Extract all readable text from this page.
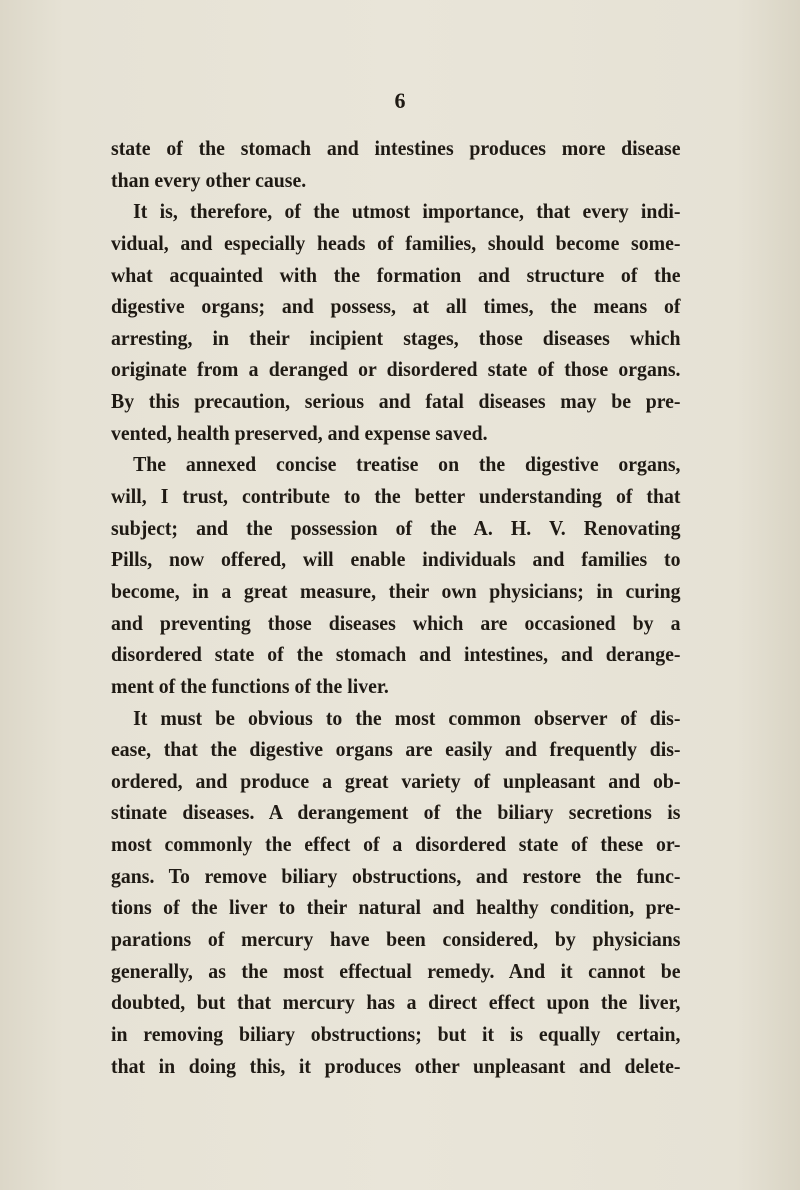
6
state of the stomach and intestines produces more disease
than every other cause.
It is, therefore, of the utmost importance, that every indi-
vidual, and especially heads of families, should become some-
what acquainted with the formation and structure of the
digestive organs; and possess, at all times, the means of
arresting, in their incipient stages, those diseases which
originate from a deranged or disordered state of those organs.
By this precaution, serious and fatal diseases may be pre-
vented, health preserved, and expense saved.
The annexed concise treatise on the digestive organs,
will, I trust, contribute to the better understanding of that
subject; and the possession of the A. H. V. Renovating
Pills, now offered, will enable individuals and families to
become, in a great measure, their own physicians; in curing
and preventing those diseases which are occasioned by a
disordered state of the stomach and intestines, and derange-
ment of the functions of the liver.
It must be obvious to the most common observer of dis-
ease, that the digestive organs are easily and frequently dis-
ordered, and produce a great variety of unpleasant and ob-
stinate diseases. A derangement of the biliary secretions is
most commonly the effect of a disordered state of these or-
gans. To remove biliary obstructions, and restore the func-
tions of the liver to their natural and healthy condition, pre-
parations of mercury have been considered, by physicians
generally, as the most effectual remedy. And it cannot be
doubted, but that mercury has a direct effect upon the liver,
in removing biliary obstructions; but it is equally certain,
that in doing this, it produces other unpleasant and delete-
